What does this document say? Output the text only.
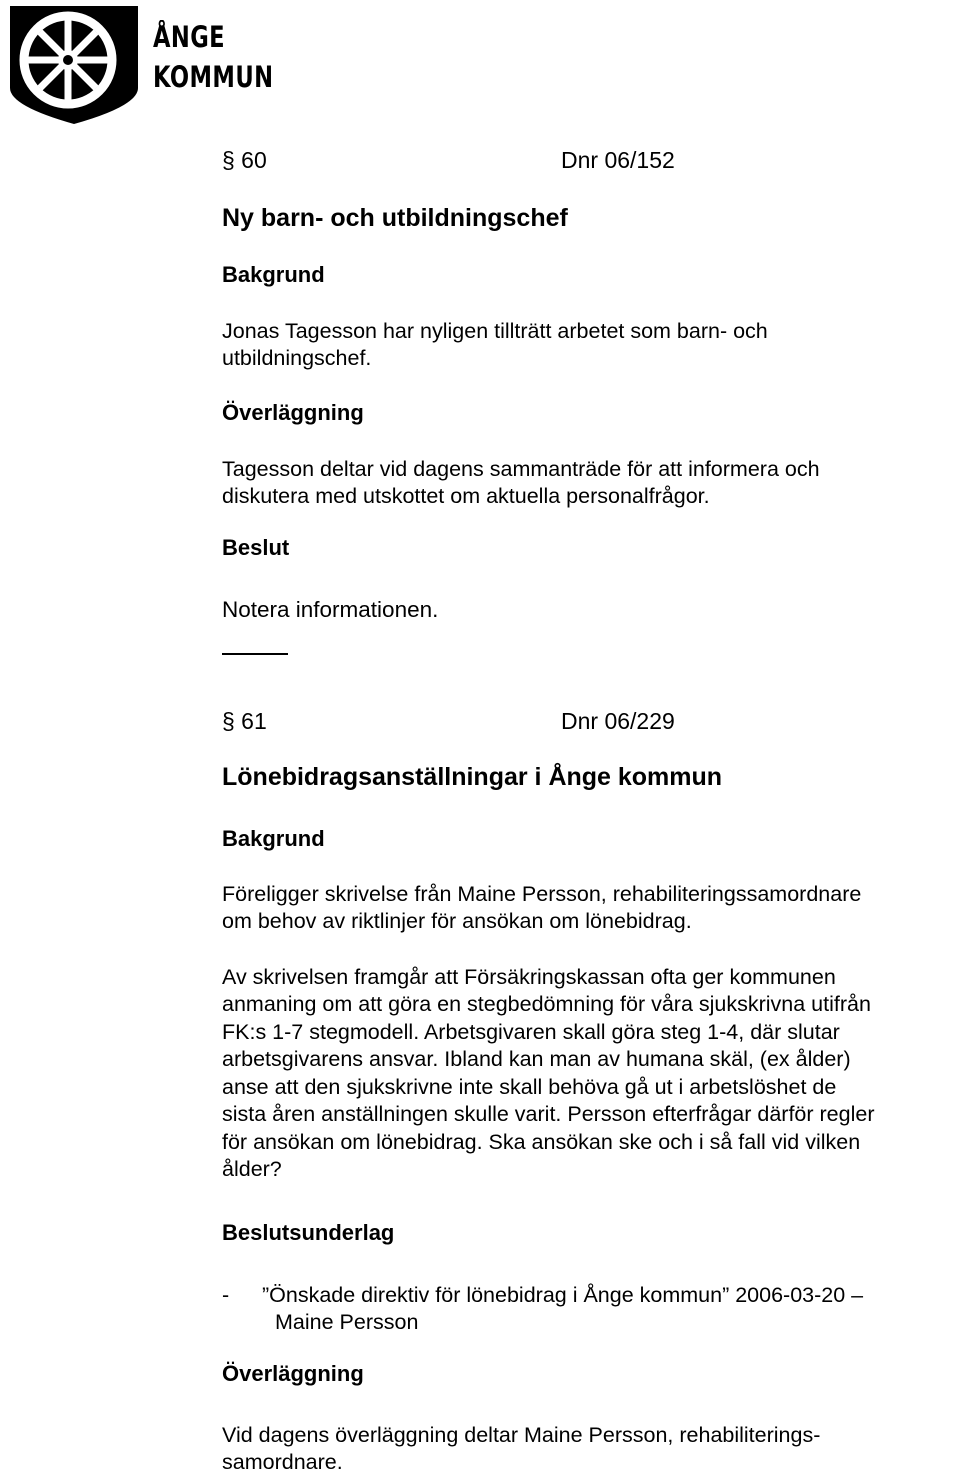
ÅNGE
KOMMUN
§ 60	Dnr 06/152
Ny barn- och utbildningschef
Bakgrund
Jonas Tagesson har nyligen tillträtt arbetet som barn- och
utbildningschef.
Överläggning
Tagesson deltar vid dagens sammanträde för att informera och
diskutera med utskottet om aktuella personalfrågor.
Beslut
Notera informationen.
§ 61	Dnr 06/229
Lönebidragsanställningar i Ånge kommun
Bakgrund
Föreligger skrivelse från Maine Persson, rehabiliteringssamordnare
om behov av riktlinjer för ansökan om lönebidrag.
Av skrivelsen framgår att Försäkringskassan ofta ger kommunen
anmaning om att göra en stegbedömning för våra sjukskrivna utifrån
FK:s 1-7 stegmodell. Arbetsgivaren skall göra steg 1-4, där slutar
arbetsgivarens ansvar. Ibland kan man av humana skäl, (ex ålder)
anse att den sjukskrivne inte skall behöva gå ut i arbetslöshet de
sista åren anställningen skulle varit. Persson efterfrågar därför regler
för ansökan om lönebidrag. Ska ansökan ske och i så fall vid vilken
ålder?
Beslutsunderlag
- ”Önskade direktiv för lönebidrag i Ånge kommun” 2006-03-20 –
Maine Persson
Överläggning
Vid dagens överläggning deltar Maine Persson, rehabiliterings-
samordnare.
